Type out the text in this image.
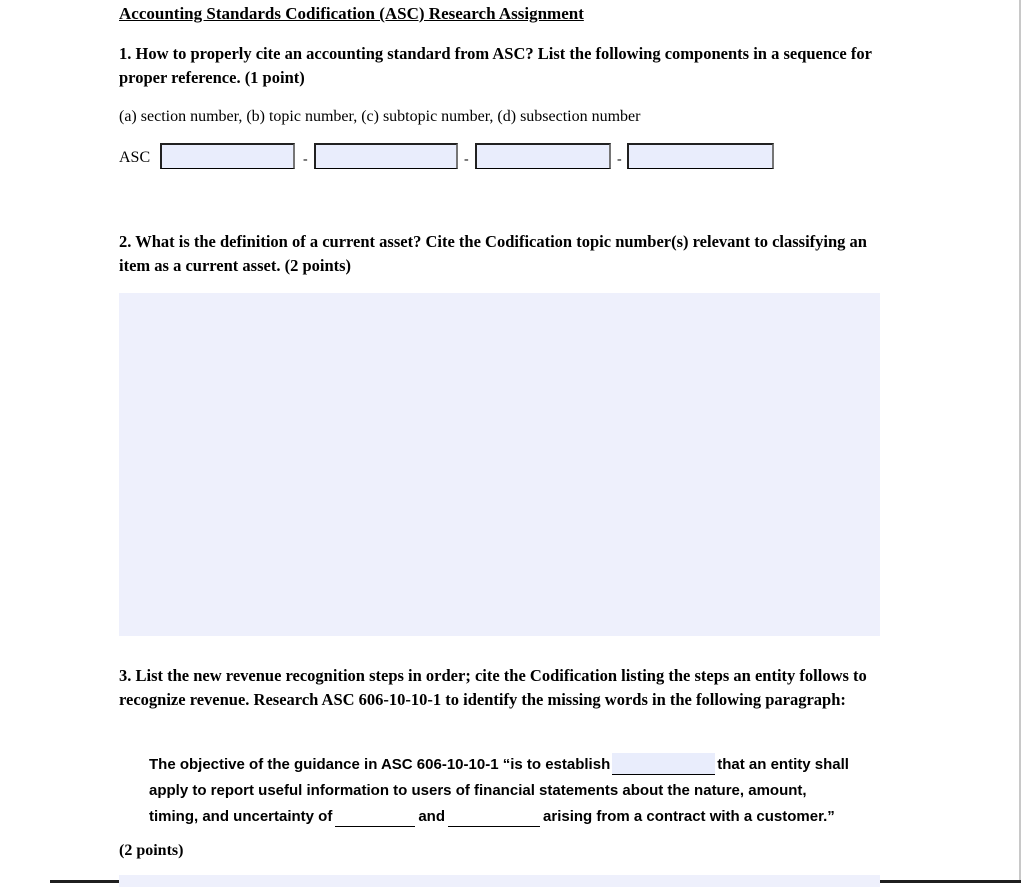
Accounting Standards Codification (ASC) Research Assignment
1. How to properly cite an accounting standard from ASC? List the following components in a sequence for proper reference. (1 point)
(a) section number, (b) topic number, (c) subtopic number, (d) subsection number
ASC	-	-	-
2. What is the definition of a current asset? Cite the Codification topic number(s) relevant to classifying an item as a current asset. (2 points)
3. List the new revenue recognition steps in order; cite the Codification listing the steps an entity follows to recognize revenue. Research ASC 606-10-10-1 to identify the missing words in the following paragraph:
The objective of the guidance in ASC 606-10-10-1 “is to establish	that an entity shall
apply to report useful information to users of financial statements about the nature, amount,
timing, and uncertainty of	and	arising from a contract with a customer.”
(2 points)
